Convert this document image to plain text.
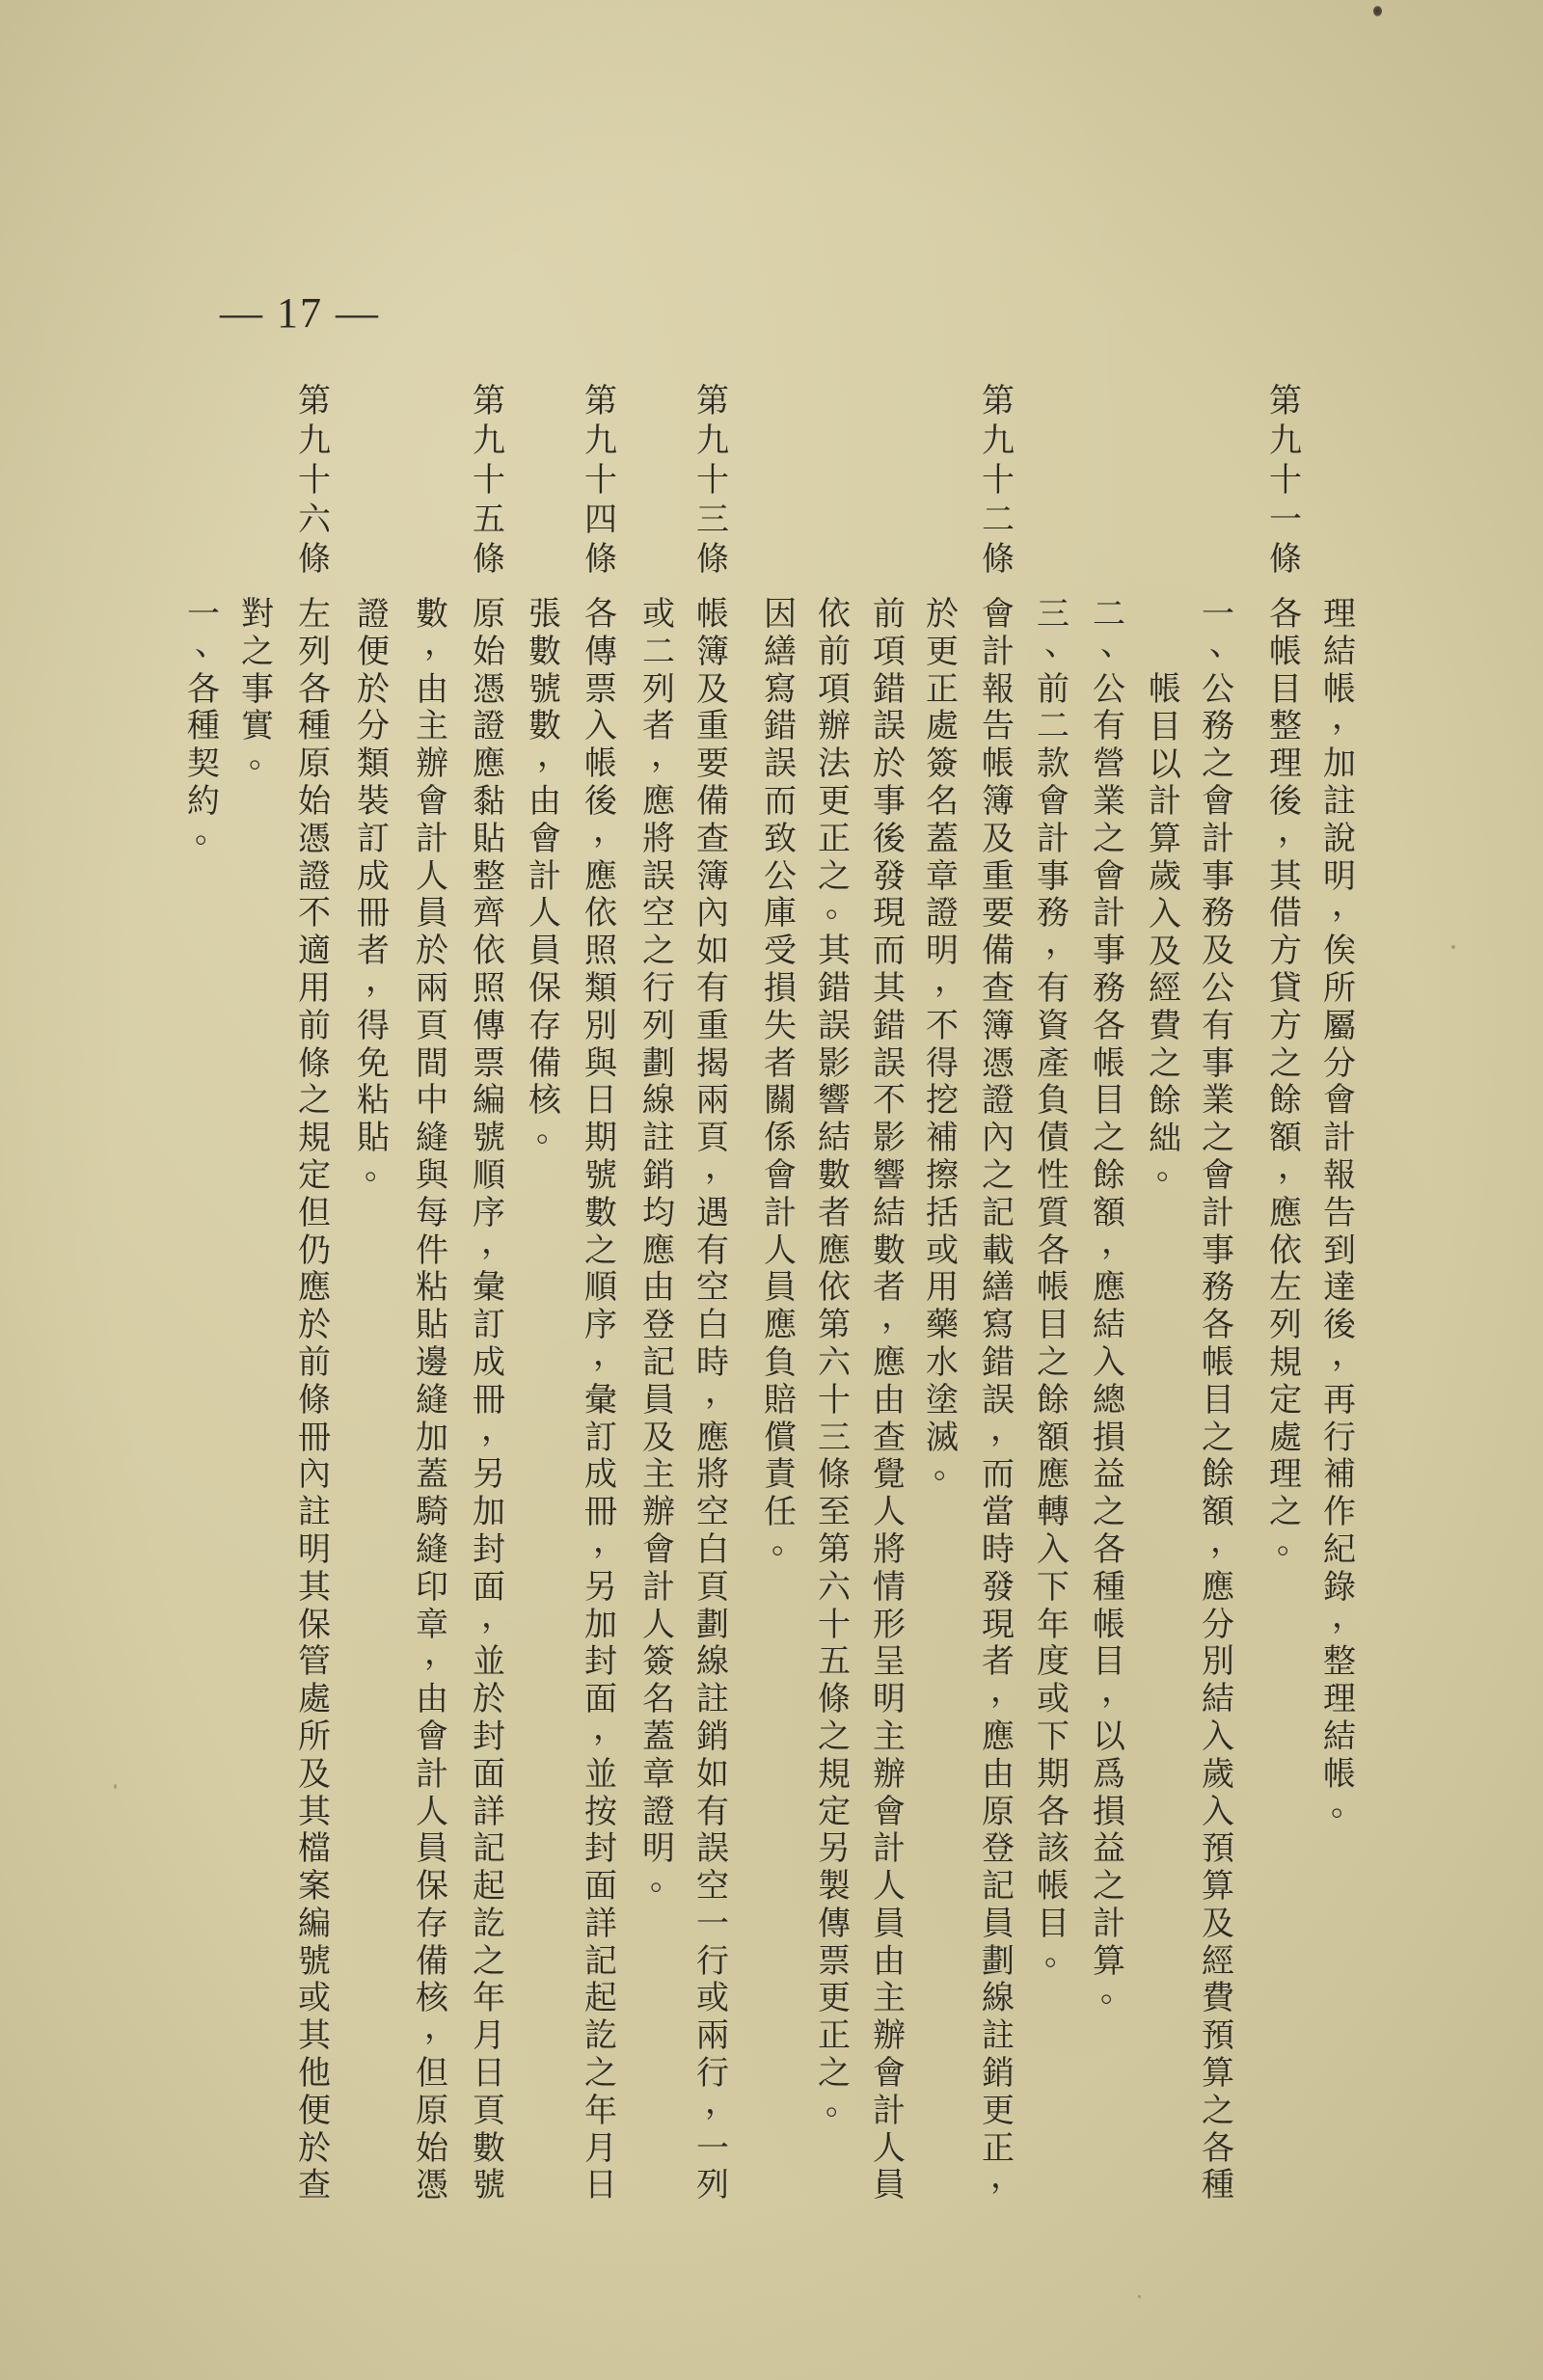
— 17 —
理
結
帳
，
加
註
說
明
，
俟
所
屬
分
會
計
報
告
到
達
後
，
再
行
補
作
紀
錄
，
整
理
結
帳
。
第
九
十
一
條
各
帳
目
整
理
後
，
其
借
方
貸
方
之
餘
額
，
應
依
左
列
規
定
處
理
之
。
一
、
公
務
之
會
計
事
務
及
公
有
事
業
之
會
計
事
務
各
帳
目
之
餘
額
，
應
分
別
結
入
歲
入
預
算
及
經
費
預
算
之
各
種
帳
目
以
計
算
歲
入
及
經
費
之
餘
絀
。
二
、
公
有
營
業
之
會
計
事
務
各
帳
目
之
餘
額
，
應
結
入
總
損
益
之
各
種
帳
目
，
以
爲
損
益
之
計
算
。
三
、
前
二
款
會
計
事
務
，
有
資
產
負
債
性
質
各
帳
目
之
餘
額
應
轉
入
下
年
度
或
下
期
各
該
帳
目
。
第
九
十
二
條
會
計
報
告
帳
簿
及
重
要
備
查
簿
憑
證
內
之
記
載
繕
寫
錯
誤
，
而
當
時
發
現
者
，
應
由
原
登
記
員
劃
線
註
銷
更
正
，
於
更
正
處
簽
名
蓋
章
證
明
，
不
得
挖
補
擦
括
或
用
藥
水
塗
滅
。
前
項
錯
誤
於
事
後
發
現
而
其
錯
誤
不
影
響
結
數
者
，
應
由
查
覺
人
將
情
形
呈
明
主
辦
會
計
人
員
由
主
辦
會
計
人
員
依
前
項
辦
法
更
正
之
。
其
錯
誤
影
響
結
數
者
應
依
第
六
十
三
條
至
第
六
十
五
條
之
規
定
另
製
傳
票
更
正
之
。
因
繕
寫
錯
誤
而
致
公
庫
受
損
失
者
關
係
會
計
人
員
應
負
賠
償
責
任
。
第
九
十
三
條
帳
簿
及
重
要
備
查
簿
內
如
有
重
揭
兩
頁
，
遇
有
空
白
時
，
應
將
空
白
頁
劃
線
註
銷
如
有
誤
空
一
行
或
兩
行
，
一
列
或
二
列
者
，
應
將
誤
空
之
行
列
劃
線
註
銷
均
應
由
登
記
員
及
主
辦
會
計
人
簽
名
蓋
章
證
明
。
第
九
十
四
條
各
傳
票
入
帳
後
，
應
依
照
類
別
與
日
期
號
數
之
順
序
，
彙
訂
成
冊
，
另
加
封
面
，
並
按
封
面
詳
記
起
訖
之
年
月
日
張
數
號
數
，
由
會
計
人
員
保
存
備
核
。
第
九
十
五
條
原
始
憑
證
應
黏
貼
整
齊
依
照
傳
票
編
號
順
序
，
彙
訂
成
冊
，
另
加
封
面
，
並
於
封
面
詳
記
起
訖
之
年
月
日
頁
數
號
數
，
由
主
辦
會
計
人
員
於
兩
頁
間
中
縫
與
每
件
粘
貼
邊
縫
加
蓋
騎
縫
印
章
，
由
會
計
人
員
保
存
備
核
，
但
原
始
憑
證
便
於
分
類
裝
訂
成
冊
者
，
得
免
粘
貼
。
第
九
十
六
條
左
列
各
種
原
始
憑
證
不
適
用
前
條
之
規
定
但
仍
應
於
前
條
冊
內
註
明
其
保
管
處
所
及
其
檔
案
編
號
或
其
他
便
於
查
對
之
事
實
。
一
、
各
種
契
約
。
